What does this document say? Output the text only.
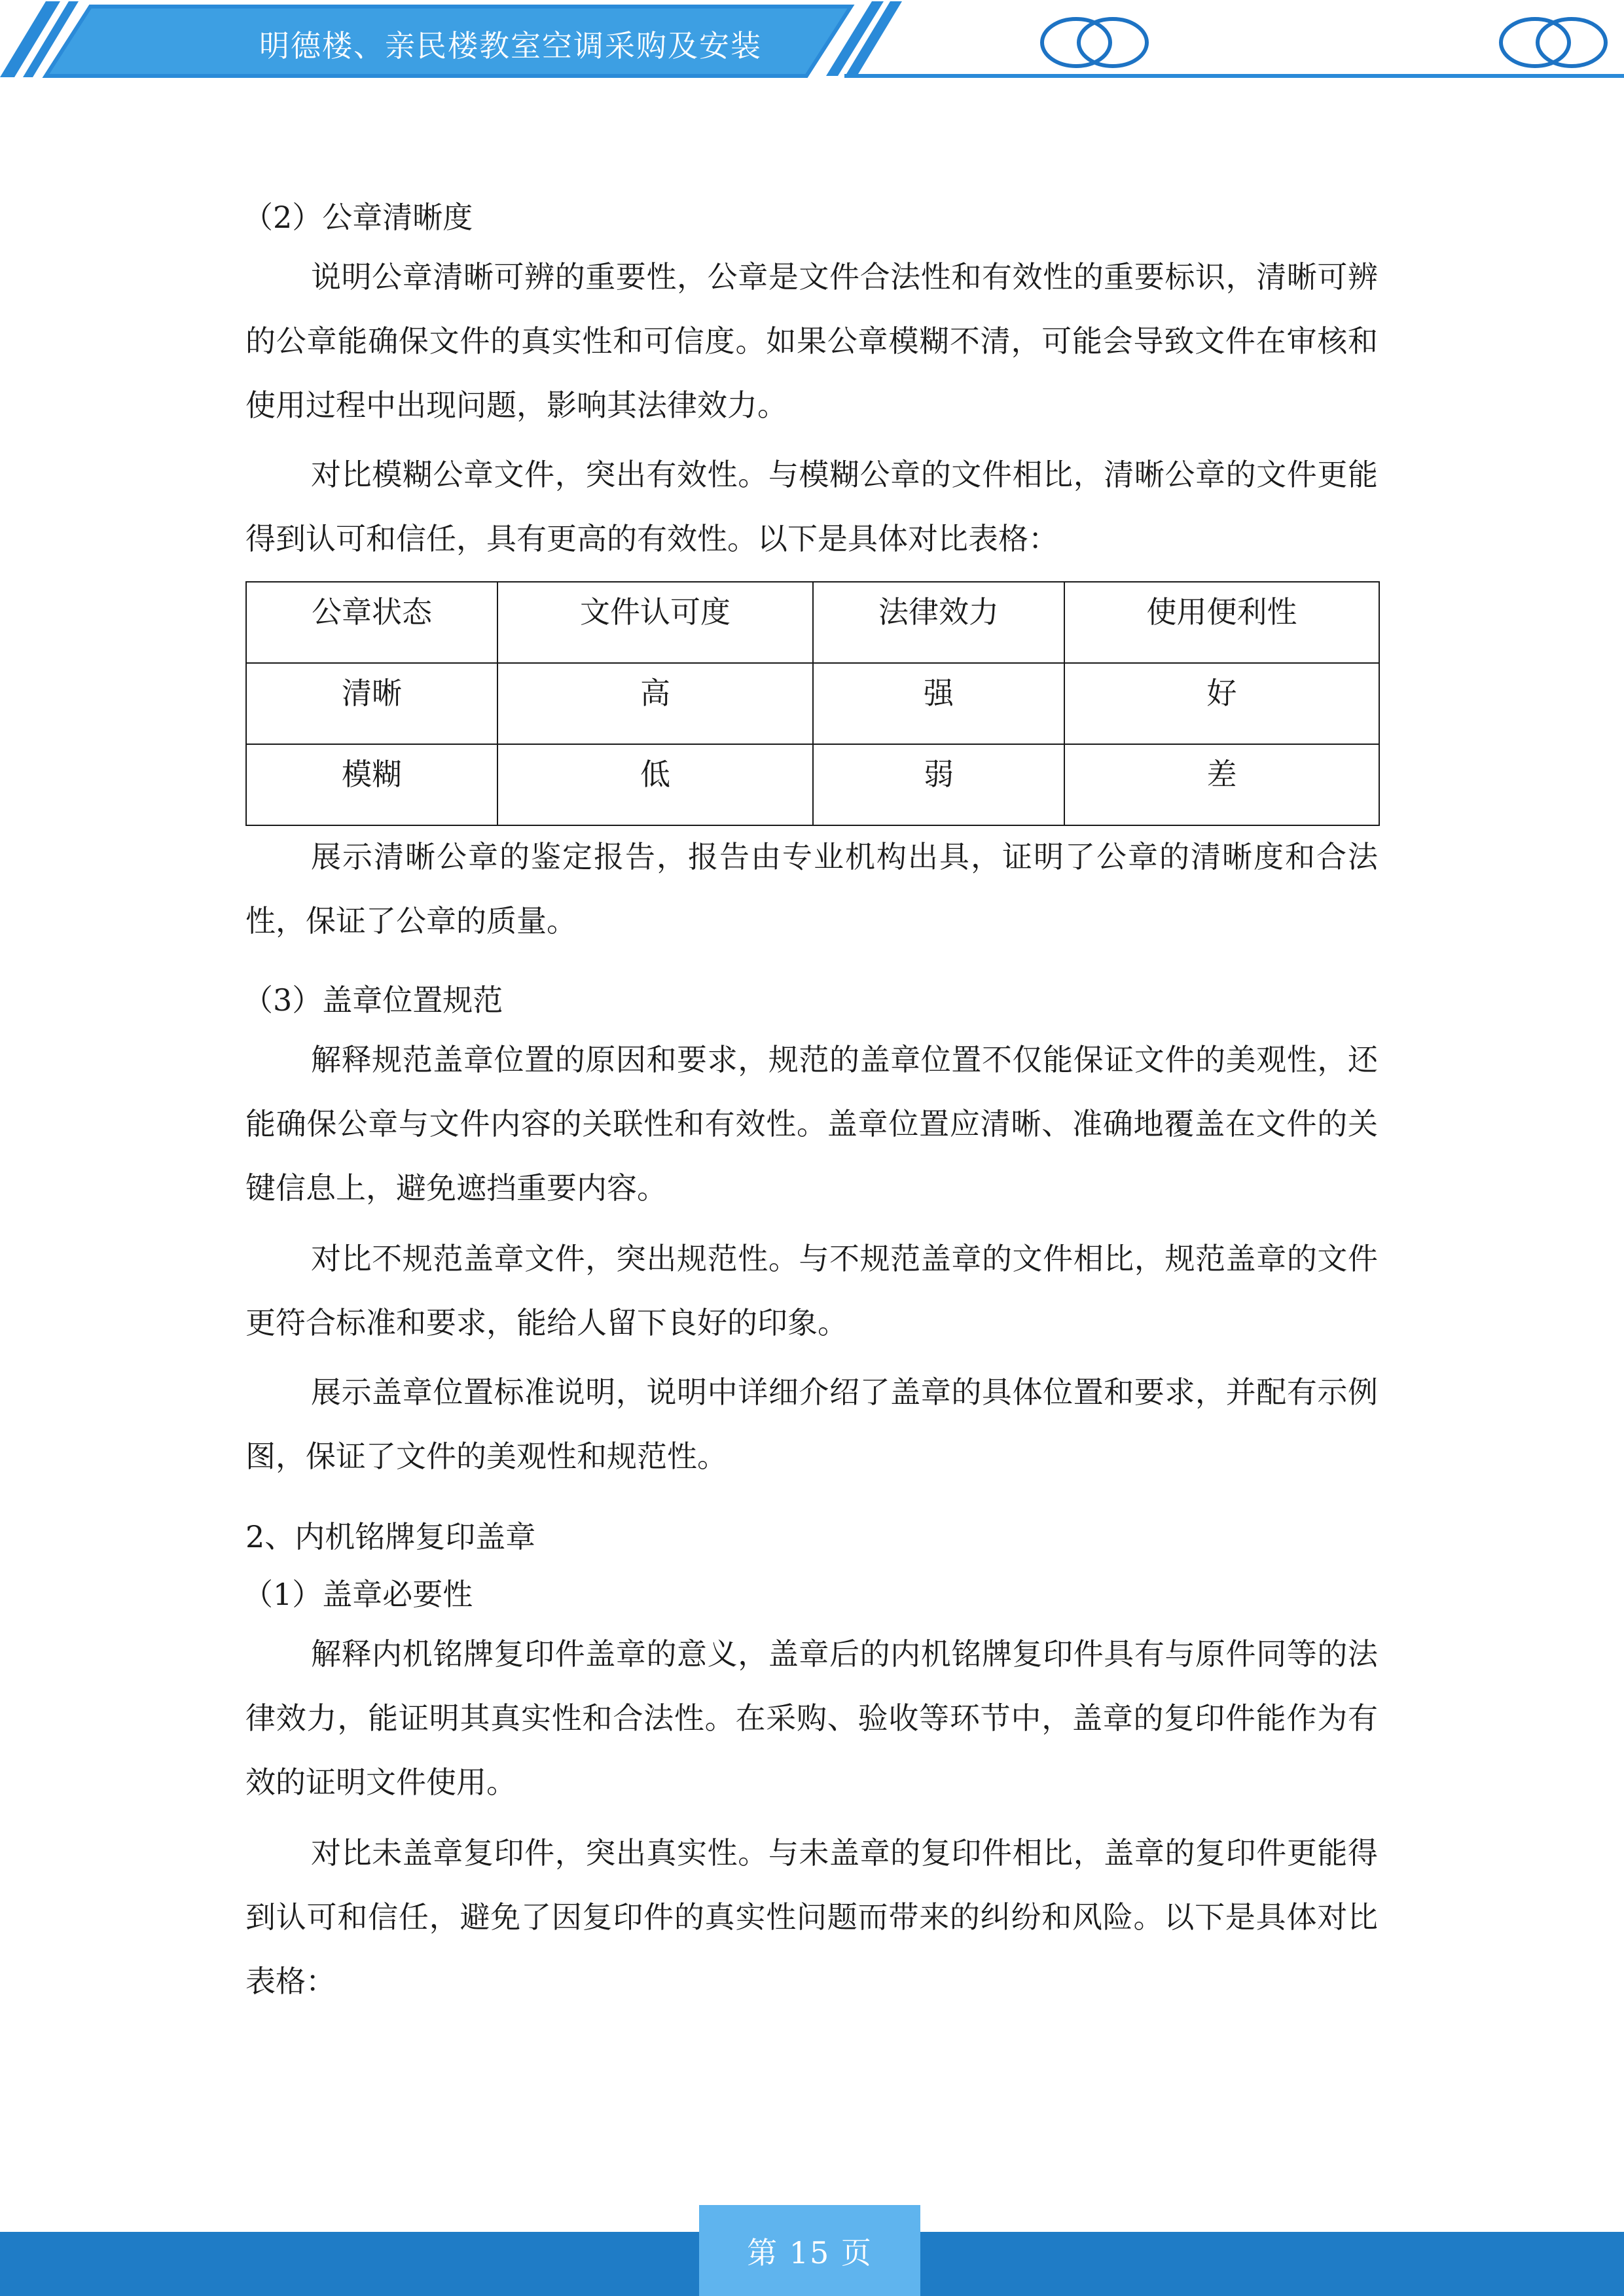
明德楼、亲民楼教室空调采购及安装

（2）公章清晰度

说明公章清晰可辨的重要性，公章是文件合法性和有效性的重要标识，清晰可辨的公章能确保文件的真实性和可信度。如果公章模糊不清，可能会导致文件在审核和使用过程中出现问题，影响其法律效力。

对比模糊公章文件，突出有效性。与模糊公章的文件相比，清晰公章的文件更能得到认可和信任，具有更高的有效性。以下是具体对比表格：

公章状态	文件认可度	法律效力	使用便利性
清晰	高	强	好
模糊	低	弱	差

展示清晰公章的鉴定报告，报告由专业机构出具，证明了公章的清晰度和合法性，保证了公章的质量。

（3）盖章位置规范

解释规范盖章位置的原因和要求，规范的盖章位置不仅能保证文件的美观性，还能确保公章与文件内容的关联性和有效性。盖章位置应清晰、准确地覆盖在文件的关键信息上，避免遮挡重要内容。

对比不规范盖章文件，突出规范性。与不规范盖章的文件相比，规范盖章的文件更符合标准和要求，能给人留下良好的印象。

展示盖章位置标准说明，说明中详细介绍了盖章的具体位置和要求，并配有示例图，保证了文件的美观性和规范性。

2、内机铭牌复印盖章

（1）盖章必要性

解释内机铭牌复印件盖章的意义，盖章后的内机铭牌复印件具有与原件同等的法律效力，能证明其真实性和合法性。在采购、验收等环节中，盖章的复印件能作为有效的证明文件使用。

对比未盖章复印件，突出真实性。与未盖章的复印件相比，盖章的复印件更能得到认可和信任，避免了因复印件的真实性问题而带来的纠纷和风险。以下是具体对比表格：

第 15 页
